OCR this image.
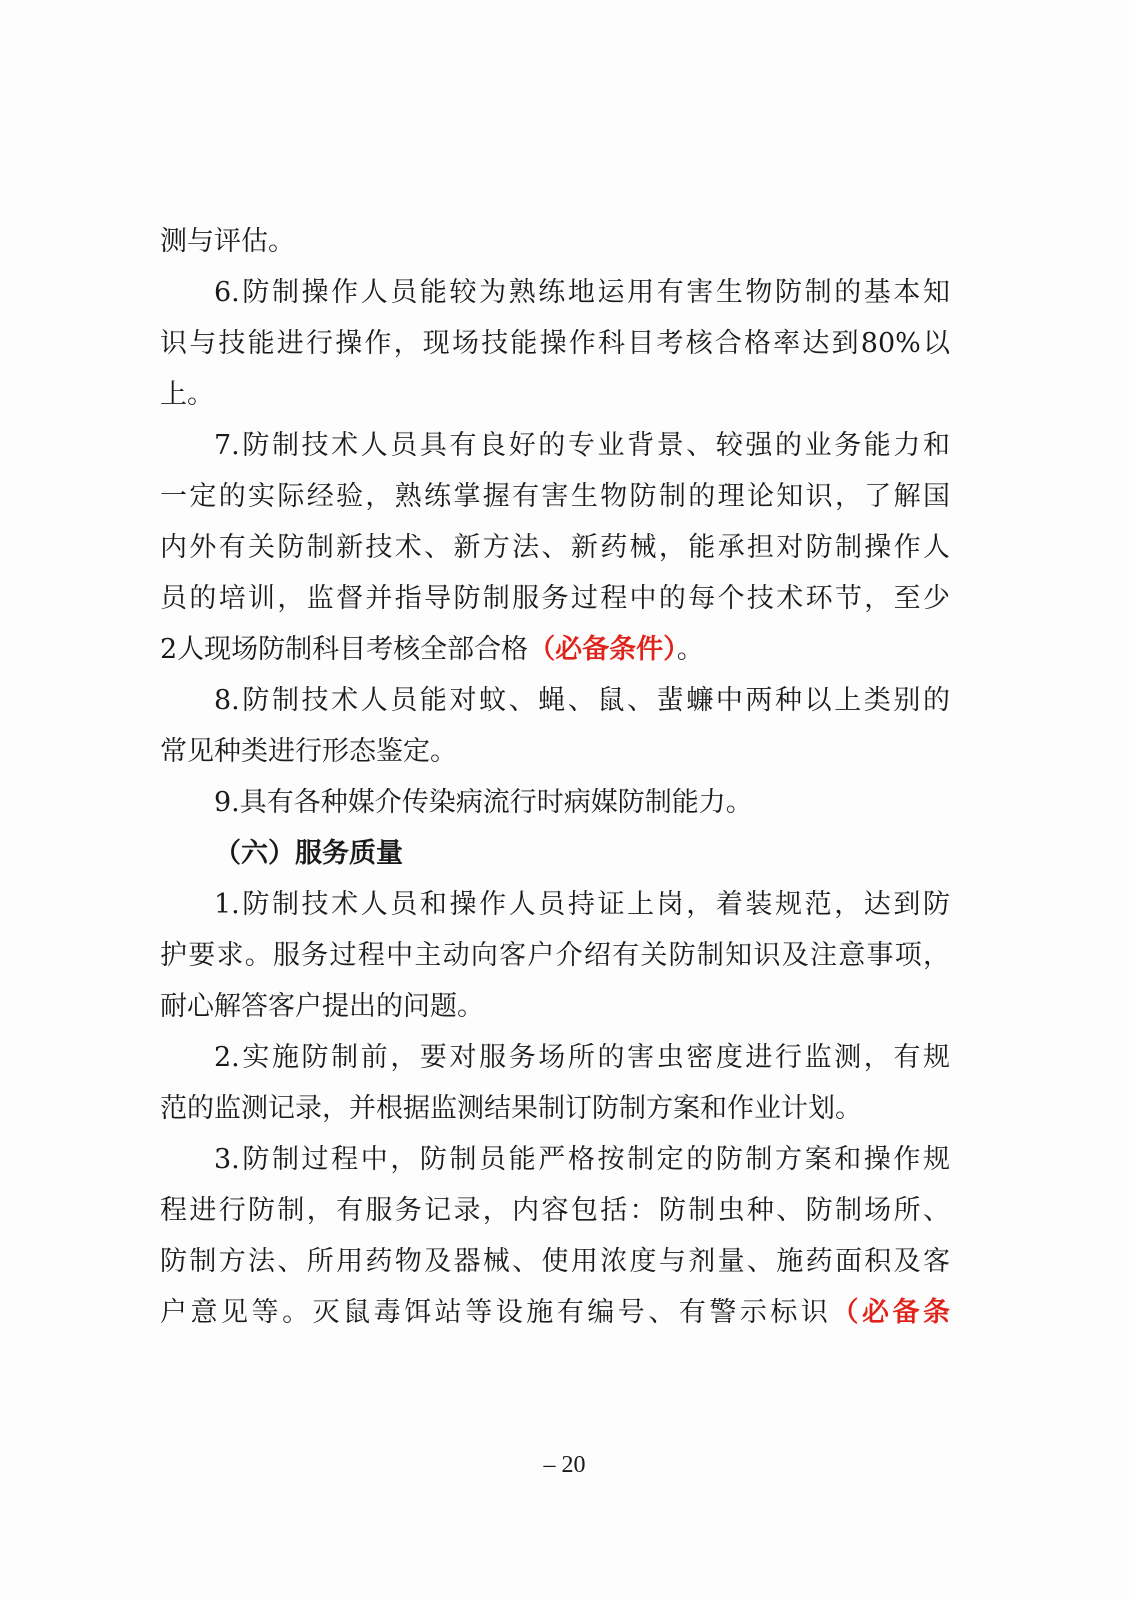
测与评估。
6.防制操作人员能较为熟练地运用有害生物防制的基本知
识与技能进行操作，现场技能操作科目考核合格率达到80%以
上。
7.防制技术人员具有良好的专业背景、较强的业务能力和
一定的实际经验，熟练掌握有害生物防制的理论知识，了解国
内外有关防制新技术、新方法、新药械，能承担对防制操作人
员的培训，监督并指导防制服务过程中的每个技术环节，至少
2人现场防制科目考核全部合格（必备条件）。
8.防制技术人员能对蚊、蝇、鼠、蜚蠊中两种以上类别的
常见种类进行形态鉴定。
9.具有各种媒介传染病流行时病媒防制能力。
（六）服务质量
1.防制技术人员和操作人员持证上岗，着装规范，达到防
护要求。服务过程中主动向客户介绍有关防制知识及注意事项，
耐心解答客户提出的问题。
2.实施防制前，要对服务场所的害虫密度进行监测，有规
范的监测记录，并根据监测结果制订防制方案和作业计划。
3.防制过程中，防制员能严格按制定的防制方案和操作规
程进行防制，有服务记录，内容包括：防制虫种、防制场所、
防制方法、所用药物及器械、使用浓度与剂量、施药面积及客
户意见等。灭鼠毒饵站等设施有编号、有警示标识（必备条
– 20
